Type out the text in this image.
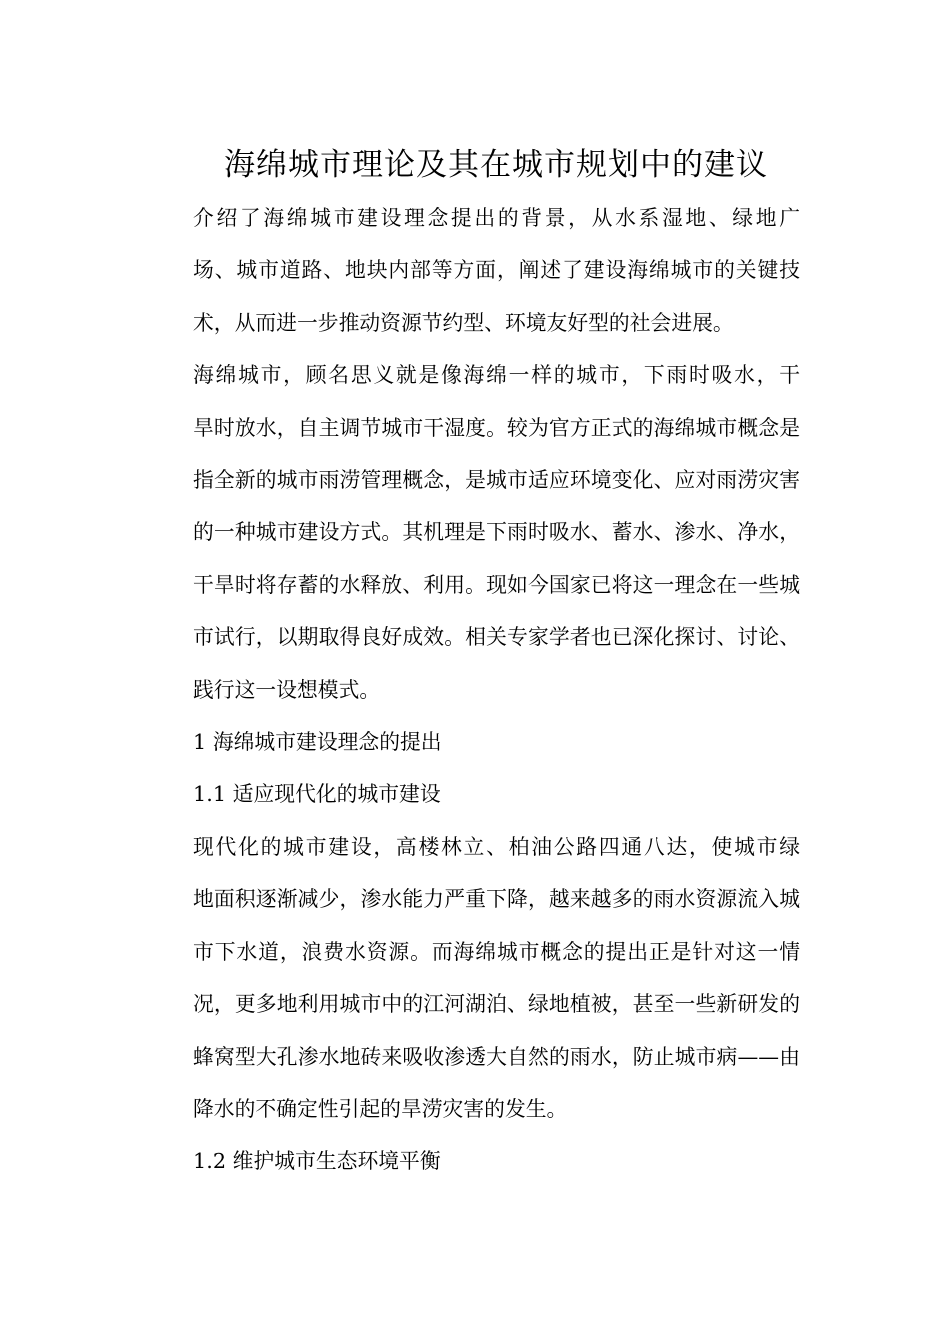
海绵城市理论及其在城市规划中的建议

介绍了海绵城市建设理念提出的背景，从水系湿地、绿地广
场、城市道路、地块内部等方面，阐述了建设海绵城市的关键技
术，从而进一步推动资源节约型、环境友好型的社会进展。

海绵城市，顾名思义就是像海绵一样的城市，下雨时吸水，干
旱时放水，自主调节城市干湿度。较为官方正式的海绵城市概念是
指全新的城市雨涝管理概念，是城市适应环境变化、应对雨涝灾害
的一种城市建设方式。其机理是下雨时吸水、蓄水、渗水、净水，
干旱时将存蓄的水释放、利用。现如今国家已将这一理念在一些城
市试行，以期取得良好成效。相关专家学者也已深化探讨、讨论、
践行这一设想模式。

1 海绵城市建设理念的提出

1.1 适应现代化的城市建设

现代化的城市建设，高楼林立、柏油公路四通八达，使城市绿
地面积逐渐减少，渗水能力严重下降，越来越多的雨水资源流入城
市下水道，浪费水资源。而海绵城市概念的提出正是针对这一情
况，更多地利用城市中的江河湖泊、绿地植被，甚至一些新研发的
蜂窝型大孔渗水地砖来吸收渗透大自然的雨水，防止城市病——由
降水的不确定性引起的旱涝灾害的发生。

1.2 维护城市生态环境平衡
